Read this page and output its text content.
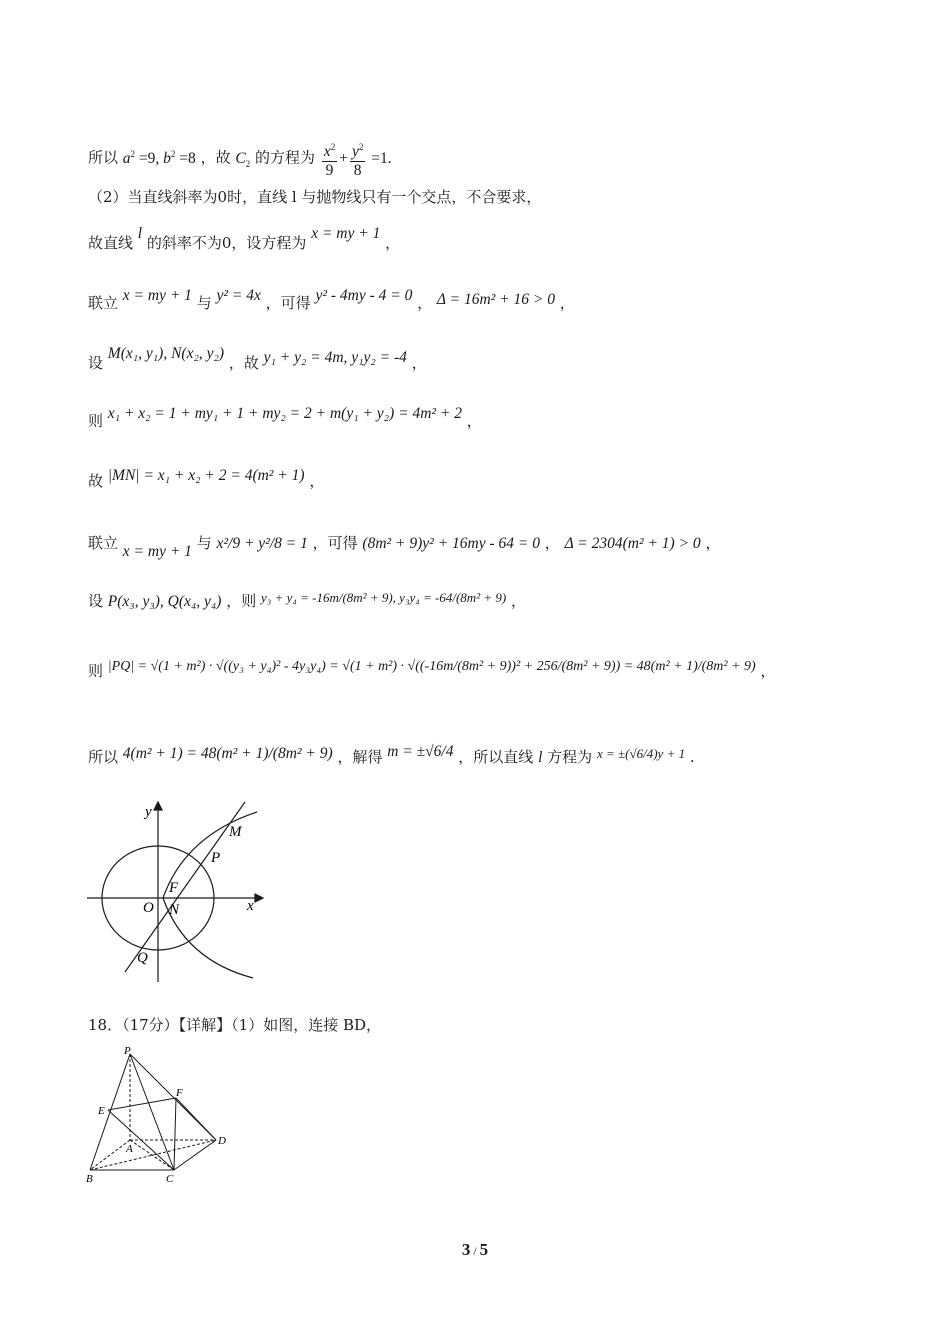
所以 $a^2 =9$, $b^2 =8$ ，故 $C_2$ 的方程为 $\frac{x^2}{9} + \frac{y^2}{8} =1$.
（2）当直线斜率为0时，直线 l 与抛物线只有一个交点，不合要求，
故直线 l 的斜率不为0，设方程为 x = my + 1 ，
联立 x = my + 1 与 y² = 4x ，可得 y² - 4my - 4 = 0 ， Δ = 16m² + 16 > 0 ，
设 M(x₁, y₁), N(x₂, y₂) ，故 y₁ + y₂ = 4m, y₁y₂ = -4 ，
则 x₁ + x₂ = 1 + my₁ + 1 + my₂ = 2 + m(y₁ + y₂) = 4m² + 2 ，
故 |MN| = x₁ + x₂ + 2 = 4(m² + 1) ，
联立 x = my + 1 与 x²/9 + y²/8 = 1 ，可得 (8m² + 9)y² + 16my - 64 = 0 ， Δ = 2304(m² + 1) > 0 ，
设 P(x₃, y₃), Q(x₄, y₄) ，则 y₃ + y₄ = -16m/(8m² + 9), y₃y₄ = -64/(8m² + 9) ，
则 |PQ| = √(1 + m²) · √((y₃ + y₄)² - 4y₃y₄) = √(1 + m²) · √((-16m/(8m² + 9))² + 256/(8m² + 9)) = 48(m² + 1)/(8m² + 9) ，
所以 4(m² + 1) = 48(m² + 1)/(8m² + 9) ，解得 m = ±√6/4 ，所以直线 l 方程为 x = ±(√6/4)y + 1 .
y
x
O
F
N
M
P
Q
18．（17分）【详解】（1）如图，连接 BD，
P
F
E
A
D
B	C
3 / 5
